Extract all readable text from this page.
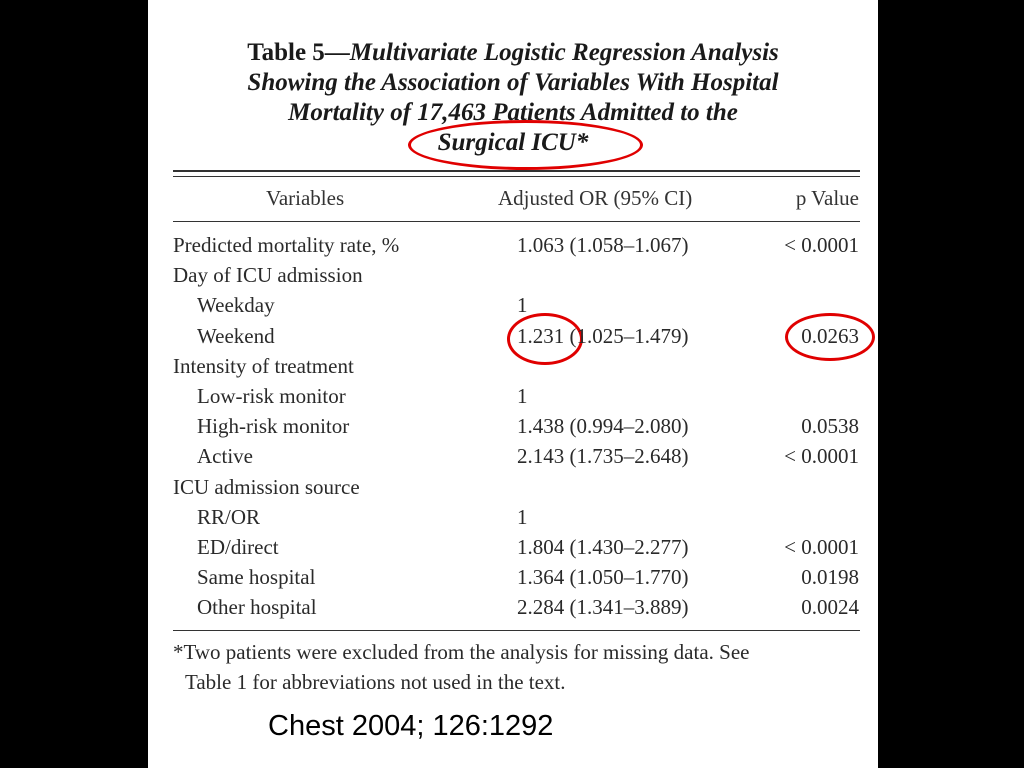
Table 5—Multivariate Logistic Regression Analysis
Showing the Association of Variables With Hospital
Mortality of 17,463 Patients Admitted to the
Surgical ICU*
Variables	Adjusted OR (95% CI)	p Value
*Two patients were excluded from the analysis for missing data. See
Table 1 for abbreviations not used in the text.
Predicted mortality rate, %	1.063 (1.058–1.067)	< 0.0001
Day of ICU admission
Weekday	1
Weekend	1.231 (1.025–1.479)	0.0263
Intensity of treatment
Low-risk monitor	1
High-risk monitor	1.438 (0.994–2.080)	0.0538
Active	2.143 (1.735–2.648)	< 0.0001
ICU admission source
RR/OR	1
ED/direct	1.804 (1.430–2.277)	< 0.0001
Same hospital	1.364 (1.050–1.770)	0.0198
Other hospital	2.284 (1.341–3.889)	0.0024
Chest 2004; 126:1292
